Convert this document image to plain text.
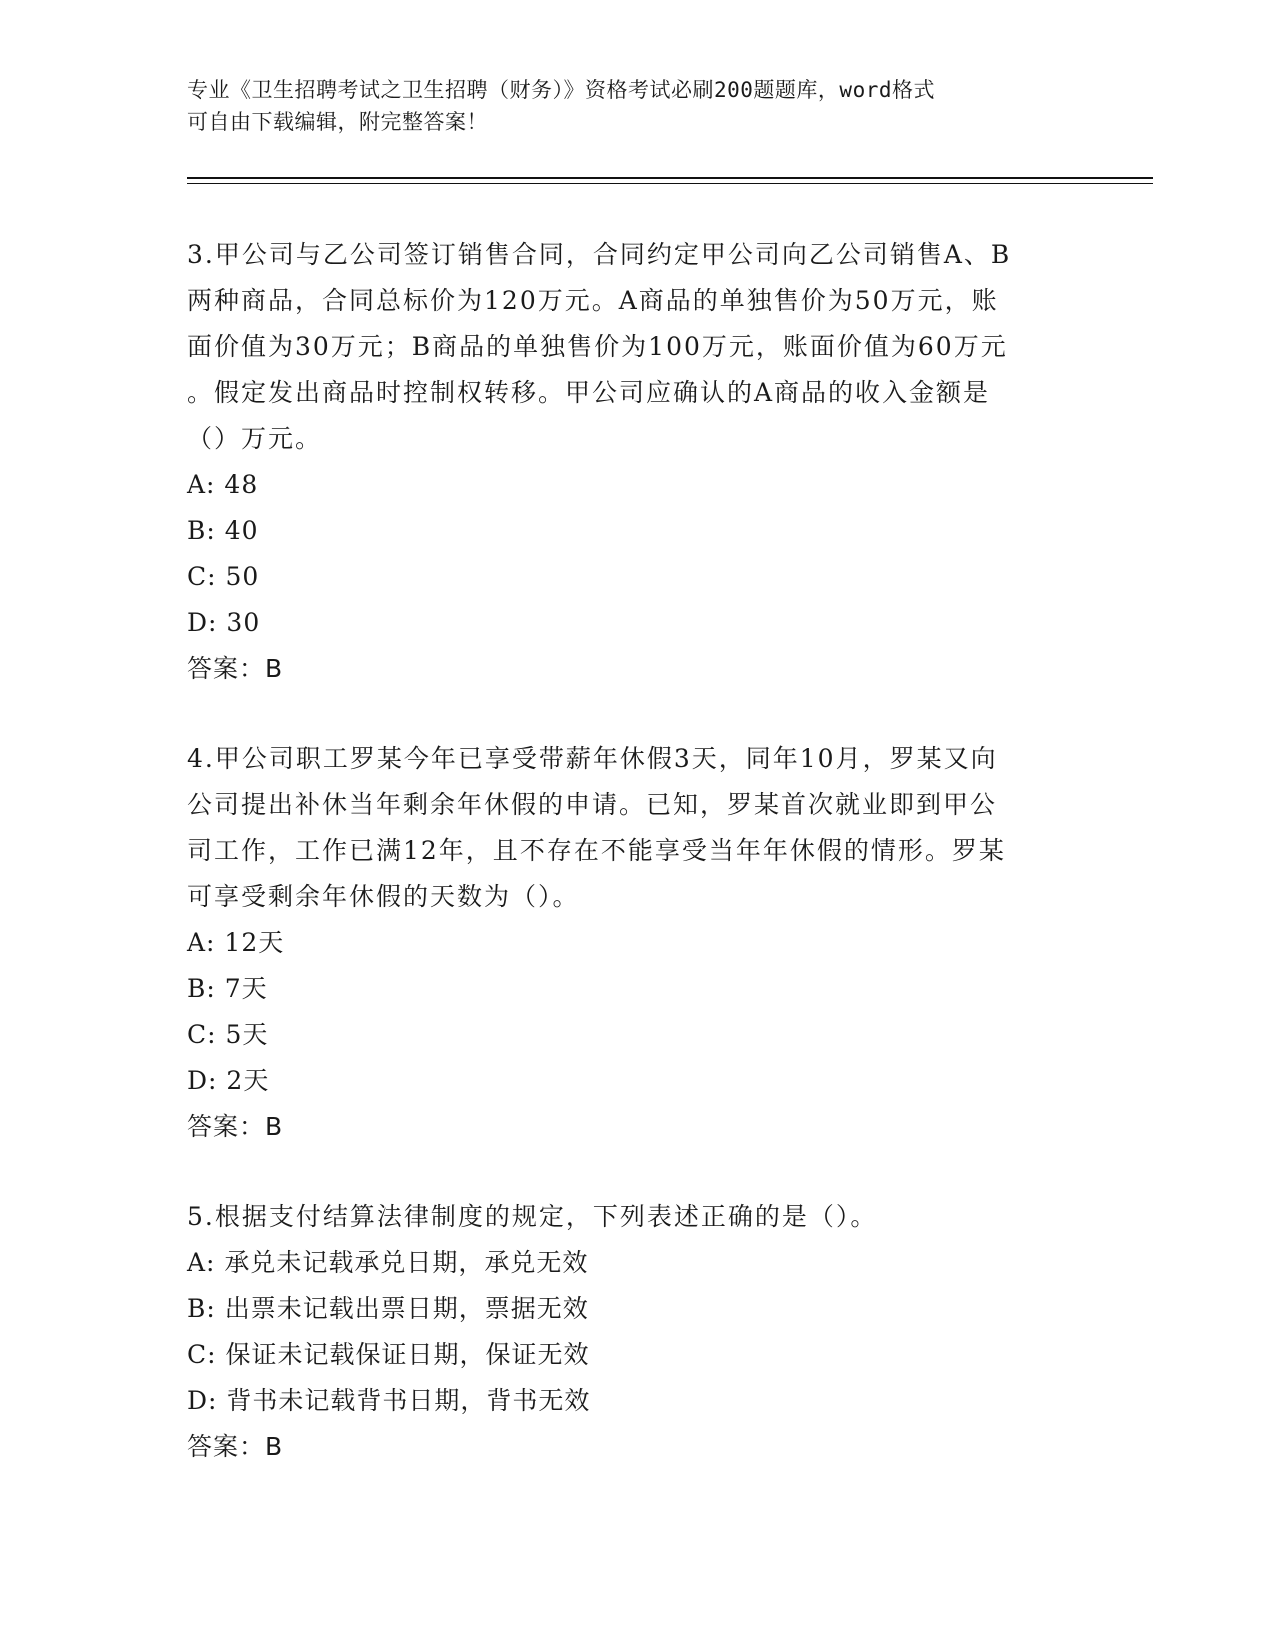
专业《卫生招聘考试之卫生招聘（财务）》资格考试必刷200题题库，word格式
可自由下载编辑，附完整答案！
3.甲公司与乙公司签订销售合同，合同约定甲公司向乙公司销售A、B
两种商品，合同总标价为120万元。A商品的单独售价为50万元，账
面价值为30万元；B商品的单独售价为100万元，账面价值为60万元
。假定发出商品时控制权转移。甲公司应确认的A商品的收入金额是
（）万元。
A: 48
B: 40
C: 50
D: 30
答案：B
4.甲公司职工罗某今年已享受带薪年休假3天，同年10月，罗某又向
公司提出补休当年剩余年休假的申请。已知，罗某首次就业即到甲公
司工作，工作已满12年，且不存在不能享受当年年休假的情形。罗某
可享受剩余年休假的天数为（）。
A: 12天
B: 7天
C: 5天
D: 2天
答案：B
5.根据支付结算法律制度的规定，下列表述正确的是（）。
A: 承兑未记载承兑日期，承兑无效
B: 出票未记载出票日期，票据无效
C: 保证未记载保证日期，保证无效
D: 背书未记载背书日期，背书无效
答案：B
